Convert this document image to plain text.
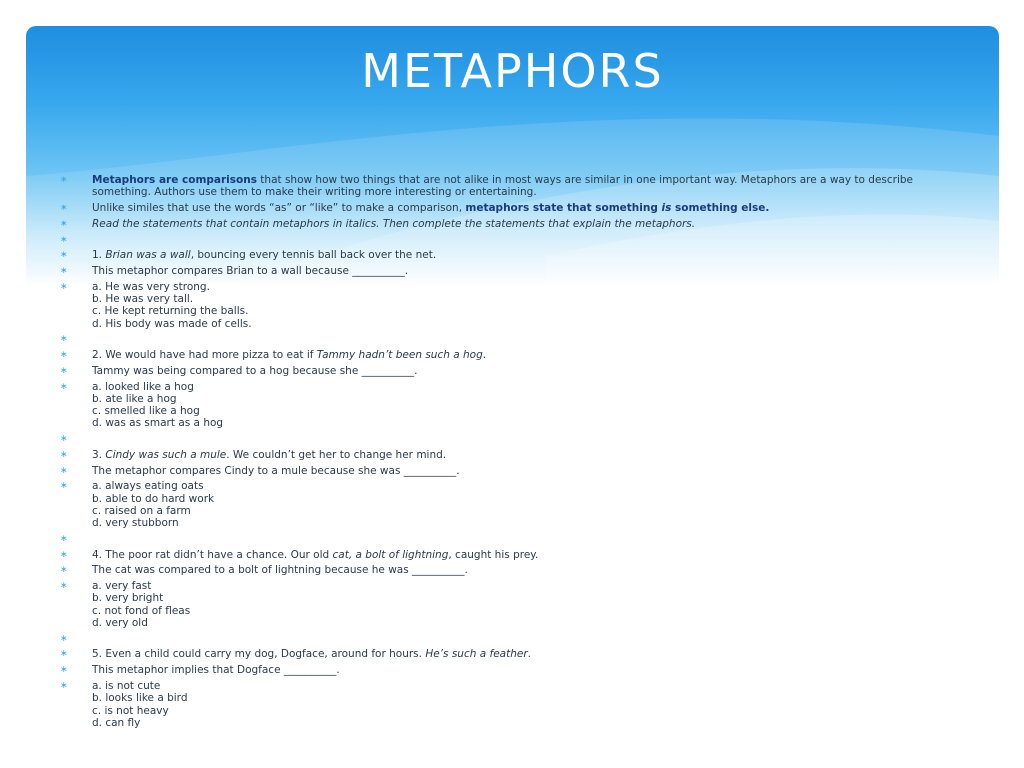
METAPHORS
∗ Metaphors are comparisons that show how two things that are not alike in most ways are similar in one important way. Metaphors are a way to describe
something. Authors use them to make their writing more interesting or entertaining.
∗ Unlike similes that use the words “as” or “like” to make a comparison, metaphors state that something is something else.
∗ Read the statements that contain metaphors in italics. Then complete the statements that explain the metaphors.
∗
∗ 1. Brian was a wall, bouncing every tennis ball back over the net.
∗ This metaphor compares Brian to a wall because __________.
∗ a. He was very strong.
b. He was very tall.
c. He kept returning the balls.
d. His body was made of cells.
∗
∗ 2. We would have had more pizza to eat if Tammy hadn’t been such a hog.
∗ Tammy was being compared to a hog because she __________.
∗ a. looked like a hog
b. ate like a hog
c. smelled like a hog
d. was as smart as a hog
∗
∗ 3. Cindy was such a mule. We couldn’t get her to change her mind.
∗ The metaphor compares Cindy to a mule because she was __________.
∗ a. always eating oats
b. able to do hard work
c. raised on a farm
d. very stubborn
∗
∗ 4. The poor rat didn’t have a chance. Our old cat, a bolt of lightning, caught his prey.
∗ The cat was compared to a bolt of lightning because he was __________.
∗ a. very fast
b. very bright
c. not fond of fleas
d. very old
∗
∗ 5. Even a child could carry my dog, Dogface, around for hours. He’s such a feather.
∗ This metaphor implies that Dogface __________.
∗ a. is not cute
b. looks like a bird
c. is not heavy
d. can fly
